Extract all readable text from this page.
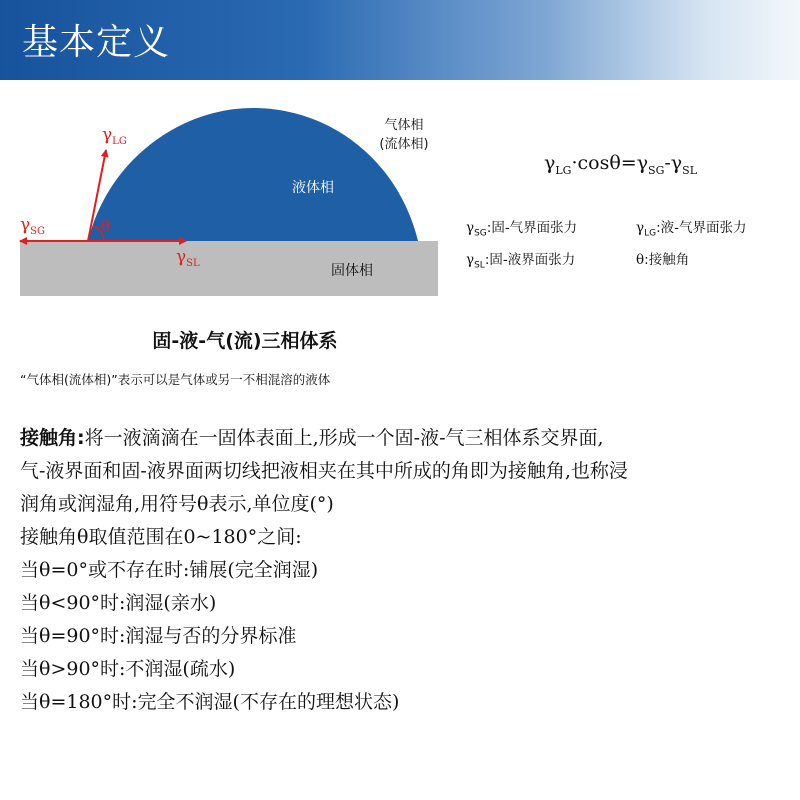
基本定义
$\gamma_{LG}$
$\gamma_{SG}$
$\gamma_{SL}$
θ
气体相
(流体相)
液体相
固体相
固-液-气(流)三相体系
“气体相(流体相)”表示可以是气体或另一不相混溶的液体
$\gamma_{LG}\cdot\cos\theta=\gamma_{SG}-\gamma_{SL}$
$\gamma_{SG}$:固-气界面张力	$\gamma_{LG}$:液-气界面张力
$\gamma_{SL}$:固-液界面张力	θ:接触角

接触角:将一液滴滴在一固体表面上,形成一个固-液-气三相体系交界面,

气-液界面和固-液界面两切线把液相夹在其中所成的角即为接触角,也称浸

润角或润湿角,用符号θ表示,单位度(°)

接触角θ取值范围在0~180°之间:

当θ=0°或不存在时:铺展(完全润湿)

当θ<90°时:润湿(亲水)

当θ=90°时:润湿与否的分界标准

当θ>90°时:不润湿(疏水)

当θ=180°时:完全不润湿(不存在的理想状态)
